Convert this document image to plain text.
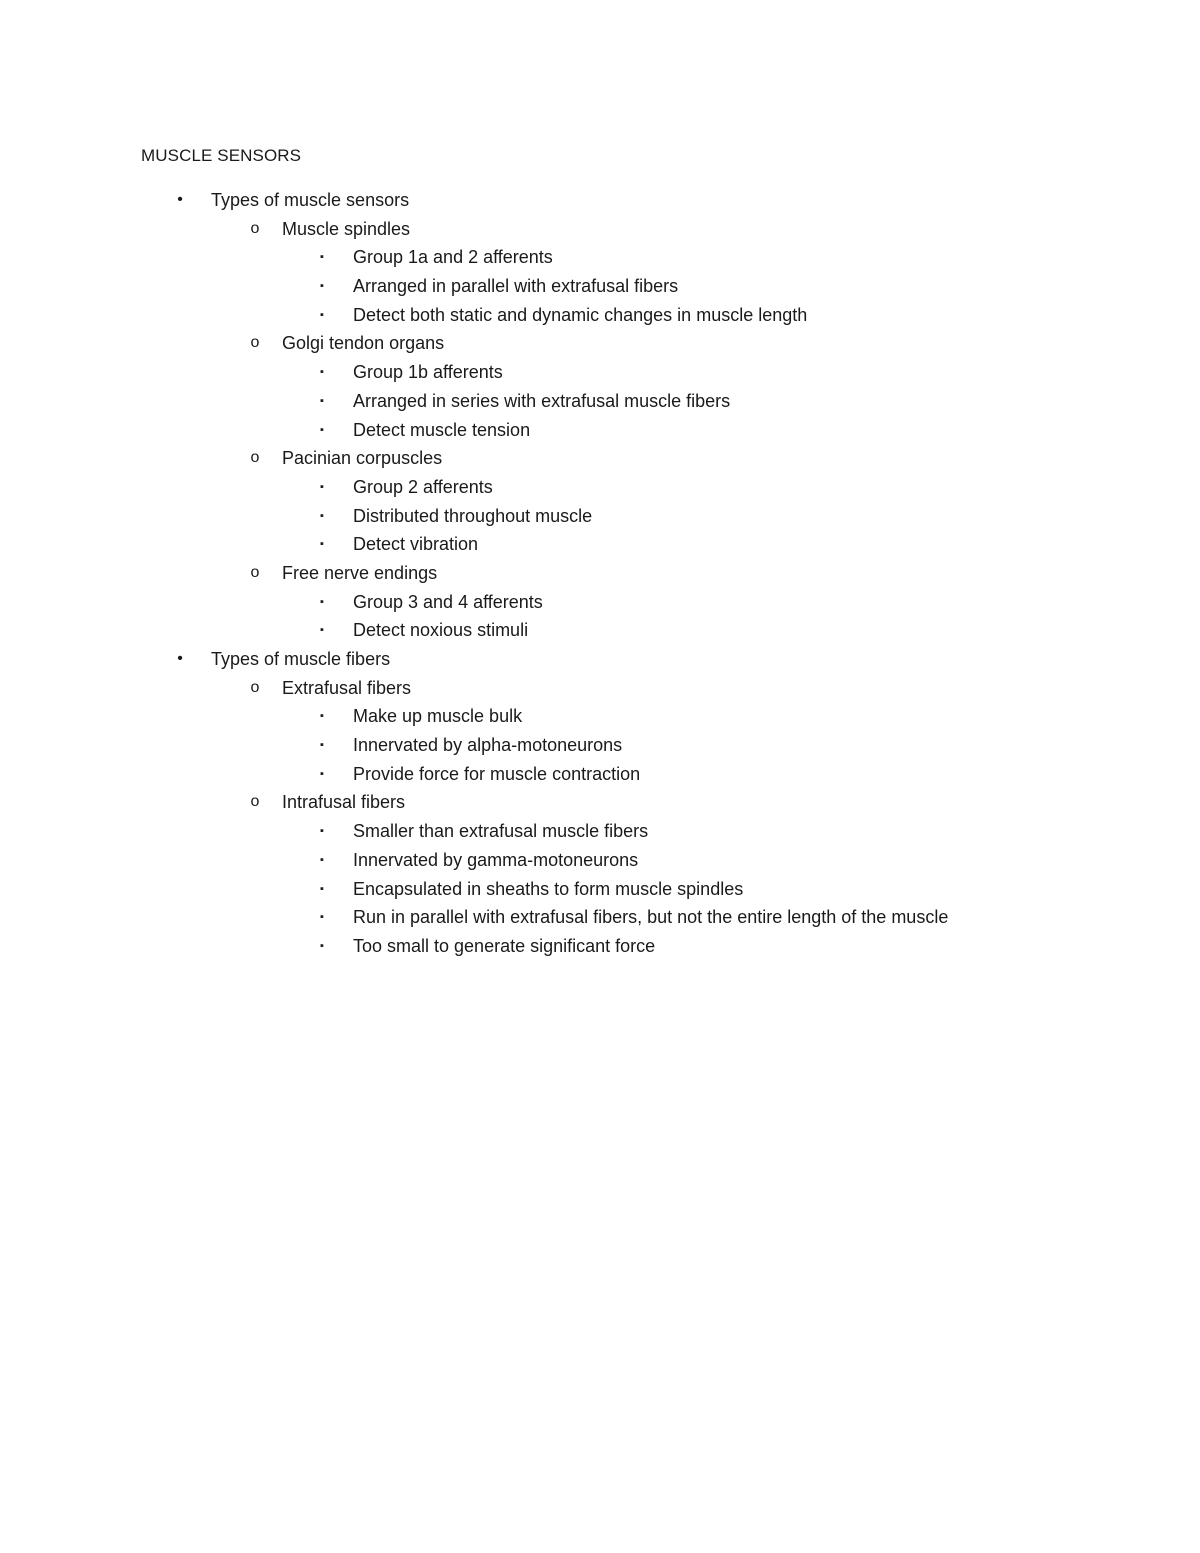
MUSCLE SENSORS
•	Types of muscle sensors
o	Muscle spindles
▪	Group 1a and 2 afferents
▪	Arranged in parallel with extrafusal fibers
▪	Detect both static and dynamic changes in muscle length
o	Golgi tendon organs
▪	Group 1b afferents
▪	Arranged in series with extrafusal muscle fibers
▪	Detect muscle tension
o	Pacinian corpuscles
▪	Group 2 afferents
▪	Distributed throughout muscle
▪	Detect vibration
o	Free nerve endings
▪	Group 3 and 4 afferents
▪	Detect noxious stimuli
•	Types of muscle fibers
o	Extrafusal fibers
▪	Make up muscle bulk
▪	Innervated by alpha-motoneurons
▪	Provide force for muscle contraction
o	Intrafusal fibers
▪	Smaller than extrafusal muscle fibers
▪	Innervated by gamma-motoneurons
▪	Encapsulated in sheaths to form muscle spindles
▪	Run in parallel with extrafusal fibers, but not the entire length of the muscle
▪	Too small to generate significant force
